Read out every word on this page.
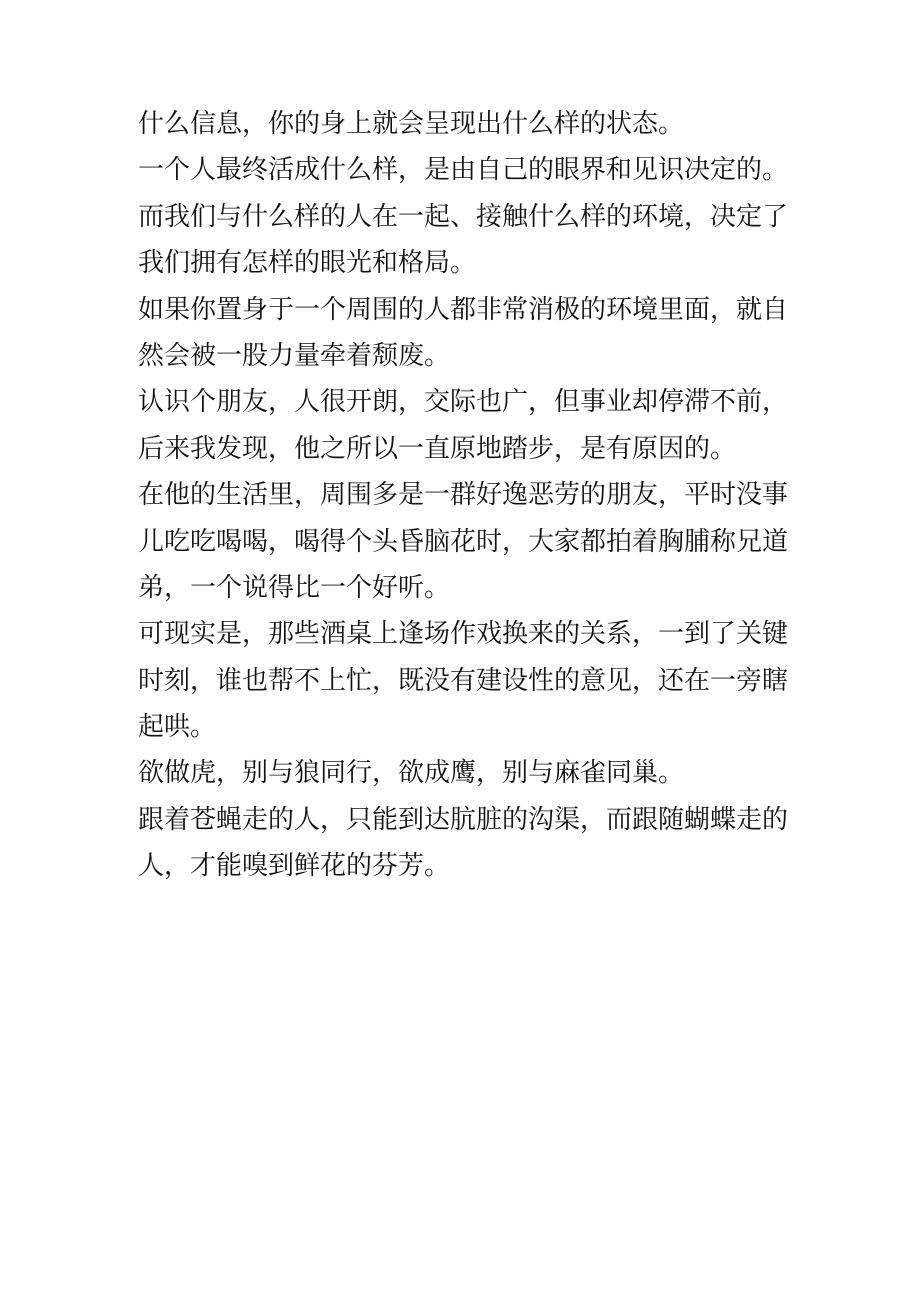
什么信息，你的身上就会呈现出什么样的状态。
一个人最终活成什么样，是由自己的眼界和见识决定的。
而我们与什么样的人在一起、接触什么样的环境，决定了
我们拥有怎样的眼光和格局。
如果你置身于一个周围的人都非常消极的环境里面，就自
然会被一股力量牵着颓废。
认识个朋友，人很开朗，交际也广，但事业却停滞不前，
后来我发现，他之所以一直原地踏步，是有原因的。
在他的生活里，周围多是一群好逸恶劳的朋友，平时没事
儿吃吃喝喝，喝得个头昏脑花时，大家都拍着胸脯称兄道
弟，一个说得比一个好听。
可现实是，那些酒桌上逢场作戏换来的关系，一到了关键
时刻，谁也帮不上忙，既没有建设性的意见，还在一旁瞎
起哄。
欲做虎，别与狼同行，欲成鹰，别与麻雀同巢。
跟着苍蝇走的人，只能到达肮脏的沟渠，而跟随蝴蝶走的
人，才能嗅到鲜花的芬芳。
